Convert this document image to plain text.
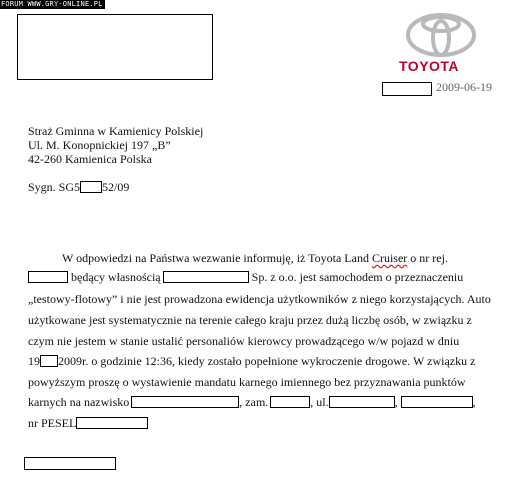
FORUM WWW.GRY-ONLINE.PL
TOYOTA
2009-06-19
Straż Gminna w Kamienicy Polskiej
Ul. M. Konopnickiej 197 „B”
42-260 Kamienica Polska
Sygn. SG5 52/09

W odpowiedzi na Państwa wezwanie informuję, iż Toyota Land Cruiser o nr rej.

będący własnością	Sp. z o.o. jest samochodem o przeznaczeniu

„testowy-flotowy” i nie jest prowadzona ewidencja użytkowników z niego korzystających. Auto

użytkowane jest systematycznie na terenie całego kraju przez dużą liczbę osób, w związku z

czym nie jestem w stanie ustalić personaliów kierowcy prowadzącego w/w pojazd w dniu

19 2009r. o godzinie 12:36, kiedy zostało popełnione wykroczenie drogowe. W związku z

powyższym proszę o wystawienie mandatu karnego imiennego bez przyznawania punktów

karnych na nazwisko	, zam.	, ul.	,	,

nr PESEL
